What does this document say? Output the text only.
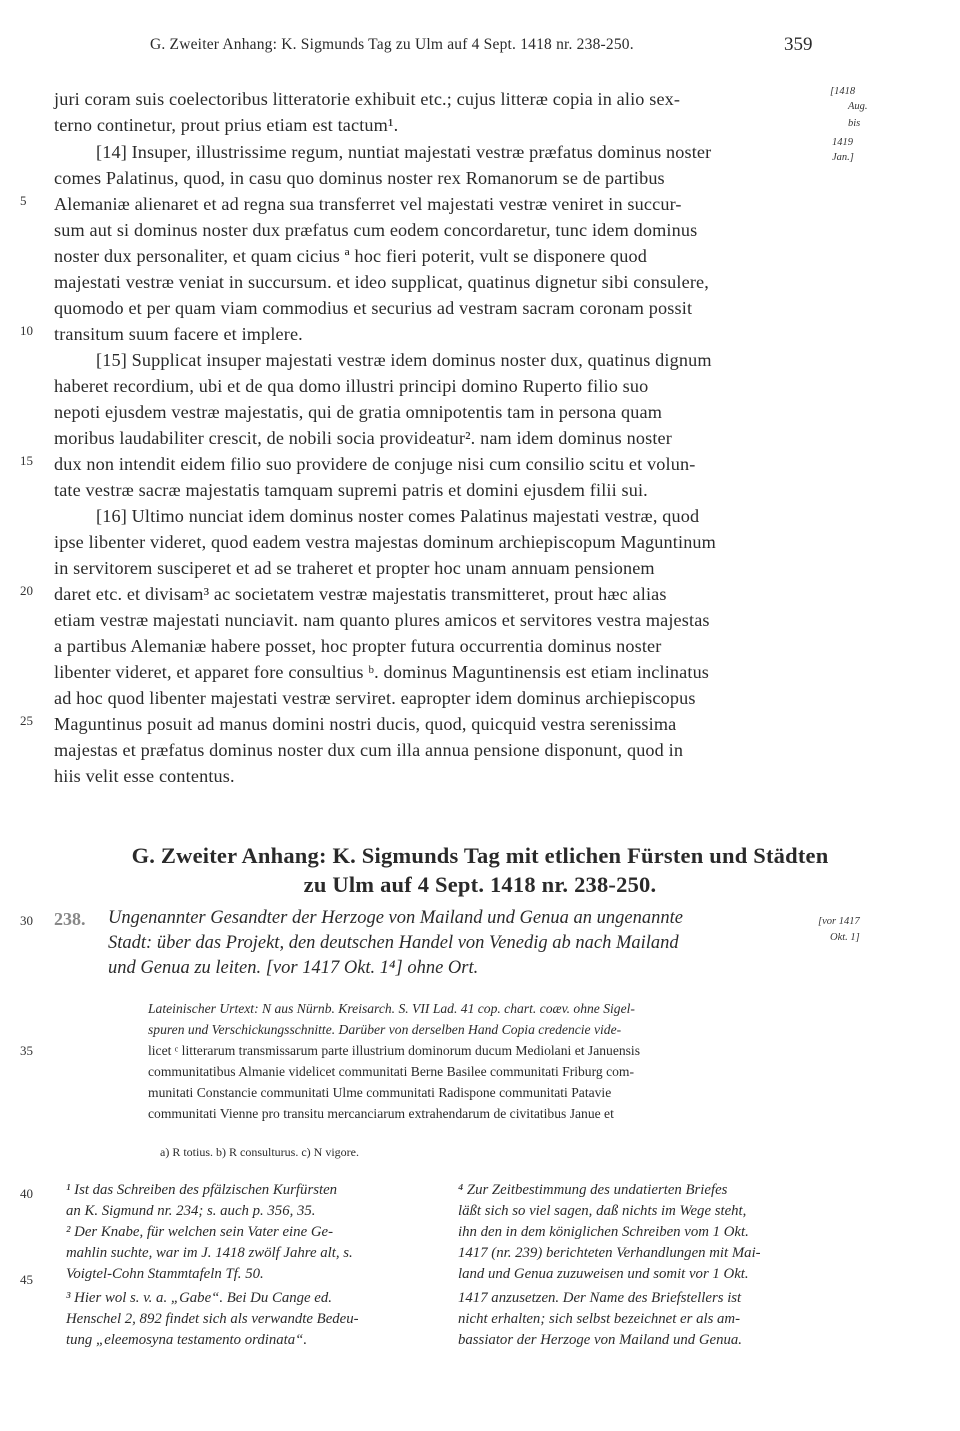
G. Zweiter Anhang: K. Sigmunds Tag zu Ulm auf 4 Sept. 1418 nr. 238-250.	359
[1418
Aug.
bis
1419
Jan.]
juri coram suis coelectoribus litteratorie exhibuit etc.; cujus litteræ copia in alio sex-
terno continetur, prout prius etiam est tactum¹.
[14] Insuper, illustrissime regum, nuntiat majestati vestræ præfatus dominus noster
comes Palatinus, quod, in casu quo dominus noster rex Romanorum se de partibus
Alemaniæ alienaret et ad regna sua transferret vel majestati vestræ veniret in succur-
sum aut si dominus noster dux præfatus cum eodem concordaretur, tunc idem dominus
noster dux personaliter, et quam cicius ª hoc fieri poterit, vult se disponere quod
majestati vestræ veniat in succursum. et ideo supplicat, quatinus dignetur sibi consulere,
quomodo et per quam viam commodius et securius ad vestram sacram coronam possit
transitum suum facere et implere.
[15] Supplicat insuper majestati vestræ idem dominus noster dux, quatinus dignum
haberet recordium, ubi et de qua domo illustri principi domino Ruperto filio suo
nepoti ejusdem vestræ majestatis, qui de gratia omnipotentis tam in persona quam
moribus laudabiliter crescit, de nobili socia provideatur². nam idem dominus noster
dux non intendit eidem filio suo providere de conjuge nisi cum consilio scitu et volun-
tate vestræ sacræ majestatis tamquam supremi patris et domini ejusdem filii sui.
[16] Ultimo nunciat idem dominus noster comes Palatinus majestati vestræ, quod
ipse libenter videret, quod eadem vestra majestas dominum archiepiscopum Maguntinum
in servitorem susciperet et ad se traheret et propter hoc unam annuam pensionem
daret etc. et divisam³ ac societatem vestræ majestatis transmitteret, prout hæc alias
etiam vestræ majestati nunciavit. nam quanto plures amicos et servitores vestra majestas
a partibus Alemaniæ habere posset, hoc propter futura occurrentia dominus noster
libenter videret, et apparet fore consultius ᵇ. dominus Maguntinensis est etiam inclinatus
ad hoc quod libenter majestati vestræ serviret. eapropter idem dominus archiepiscopus
Maguntinus posuit ad manus domini nostri ducis, quod, quicquid vestra serenissima
majestas et præfatus dominus noster dux cum illa annua pensione disponunt, quod in
hiis velit esse contentus.
5
10
15
20
25
30
35
40
45
G. Zweiter Anhang: K. Sigmunds Tag mit etlichen Fürsten und Städten
zu Ulm auf 4 Sept. 1418 nr. 238-250.
238. Ungenannter Gesandter der Herzoge von Mailand und Genua an ungenannte
Stadt: über das Projekt, den deutschen Handel von Venedig ab nach Mailand
und Genua zu leiten. [vor 1417 Okt. 1⁴] ohne Ort.
[vor 1417
Okt. 1]
Lateinischer Urtext: N aus Nürnb. Kreisarch. S. VII Lad. 41 cop. chart. coæv. ohne Sigel-
spuren und Verschickungsschnitte. Darüber von derselben Hand Copia credencie vide-
licet ᶜ litterarum transmissarum parte illustrium dominorum ducum Mediolani et Januensis
communitatibus Almanie videlicet communitati Berne Basilee communitati Friburg com-
munitati Constancie communitati Ulme communitati Radispone communitati Patavie
communitati Vienne pro transitu mercanciarum extrahendarum de civitatibus Janue et
a) R totius. b) R consulturus. c) N vigore.
¹ Ist das Schreiben des pfälzischen Kurfürsten
an K. Sigmund nr. 234; s. auch p. 356, 35.
² Der Knabe, für welchen sein Vater eine Ge-
mahlin suchte, war im J. 1418 zwölf Jahre alt, s.
Voigtel-Cohn Stammtafeln Tf. 50.
³ Hier wol s. v. a. „Gabe“. Bei Du Cange ed.
Henschel 2, 892 findet sich als verwandte Bedeu-
tung „eleemosyna testamento ordinata“.
⁴ Zur Zeitbestimmung des undatierten Briefes
läßt sich so viel sagen, daß nichts im Wege steht,
ihn den in dem königlichen Schreiben vom 1 Okt.
1417 (nr. 239) berichteten Verhandlungen mit Mai-
land und Genua zuzuweisen und somit vor 1 Okt.
1417 anzusetzen. Der Name des Briefstellers ist
nicht erhalten; sich selbst bezeichnet er als am-
bassiator der Herzoge von Mailand und Genua.
